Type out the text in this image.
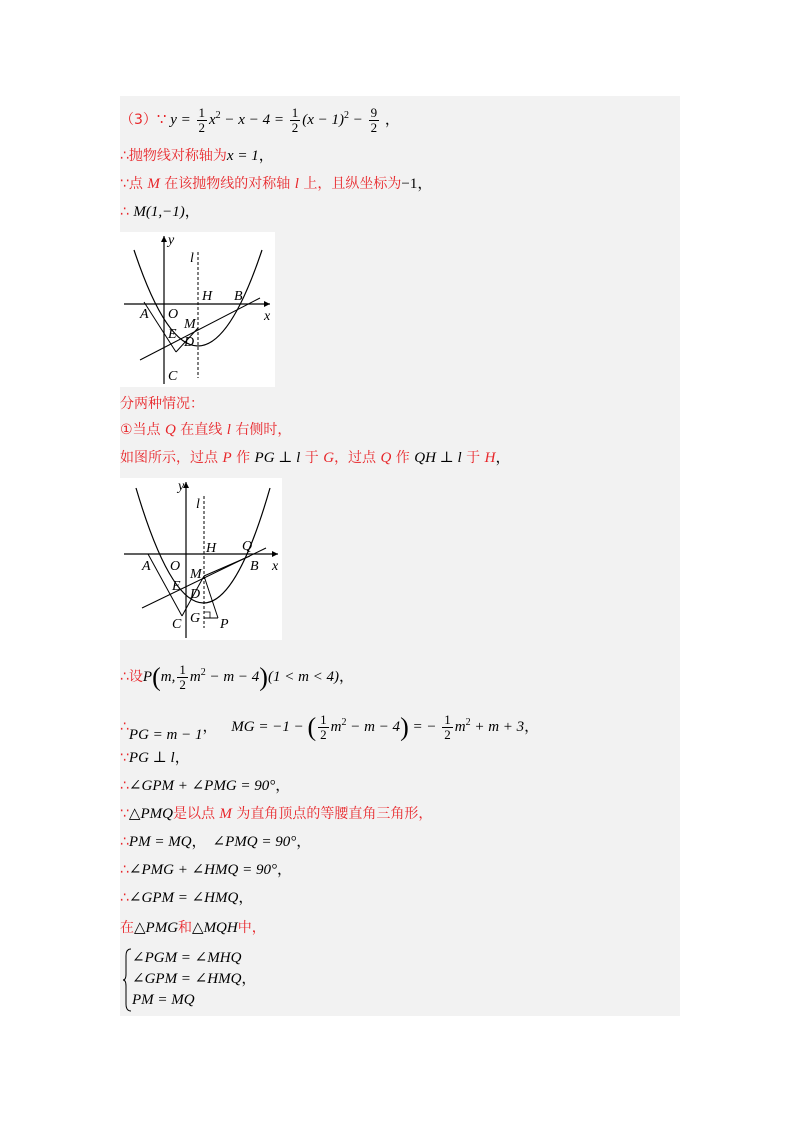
（3）∵ $y = \frac{1}{2} x^2 - x - 4 = \frac{1}{2} (x - 1)^2 - \frac{9}{2}$ ，
∴抛物线对称轴为x = 1，
∵点 M 在该抛物线的对称轴 l 上，且纵坐标为−1，
∴ M(1,−1)，
y
x
l
H B
A O
M
E
D
C
分两种情况：
①当点 Q 在直线 l 右侧时，
如图所示，过点 P 作 PG ⊥ l 于 G，过点 Q 作 QH ⊥ l 于 H，
y
x
l
H Q
B
A O
M
E
D
C G P
∴设P(m, $\frac{1}{2} m^2 - m - 4)(1 < m < 4)$，
∴PG = m − 1， MG = −1 − ( $\frac{1}{2} m^2 - m - 4$) = − $\frac{1}{2} m^2 + m + 3$，
∵PG ⊥ l，
∴∠GPM + ∠PMG = 90°，
∵△PMQ是以点 M 为直角顶点的等腰直角三角形，
∴PM = MQ， ∠PMQ = 90°，
∴∠PMG + ∠HMQ = 90°，
∴∠GPM = ∠HMQ，
在△PMG和△MQH中，
∠PGM = ∠MHQ
∠GPM = ∠HMQ，
PM = MQ
